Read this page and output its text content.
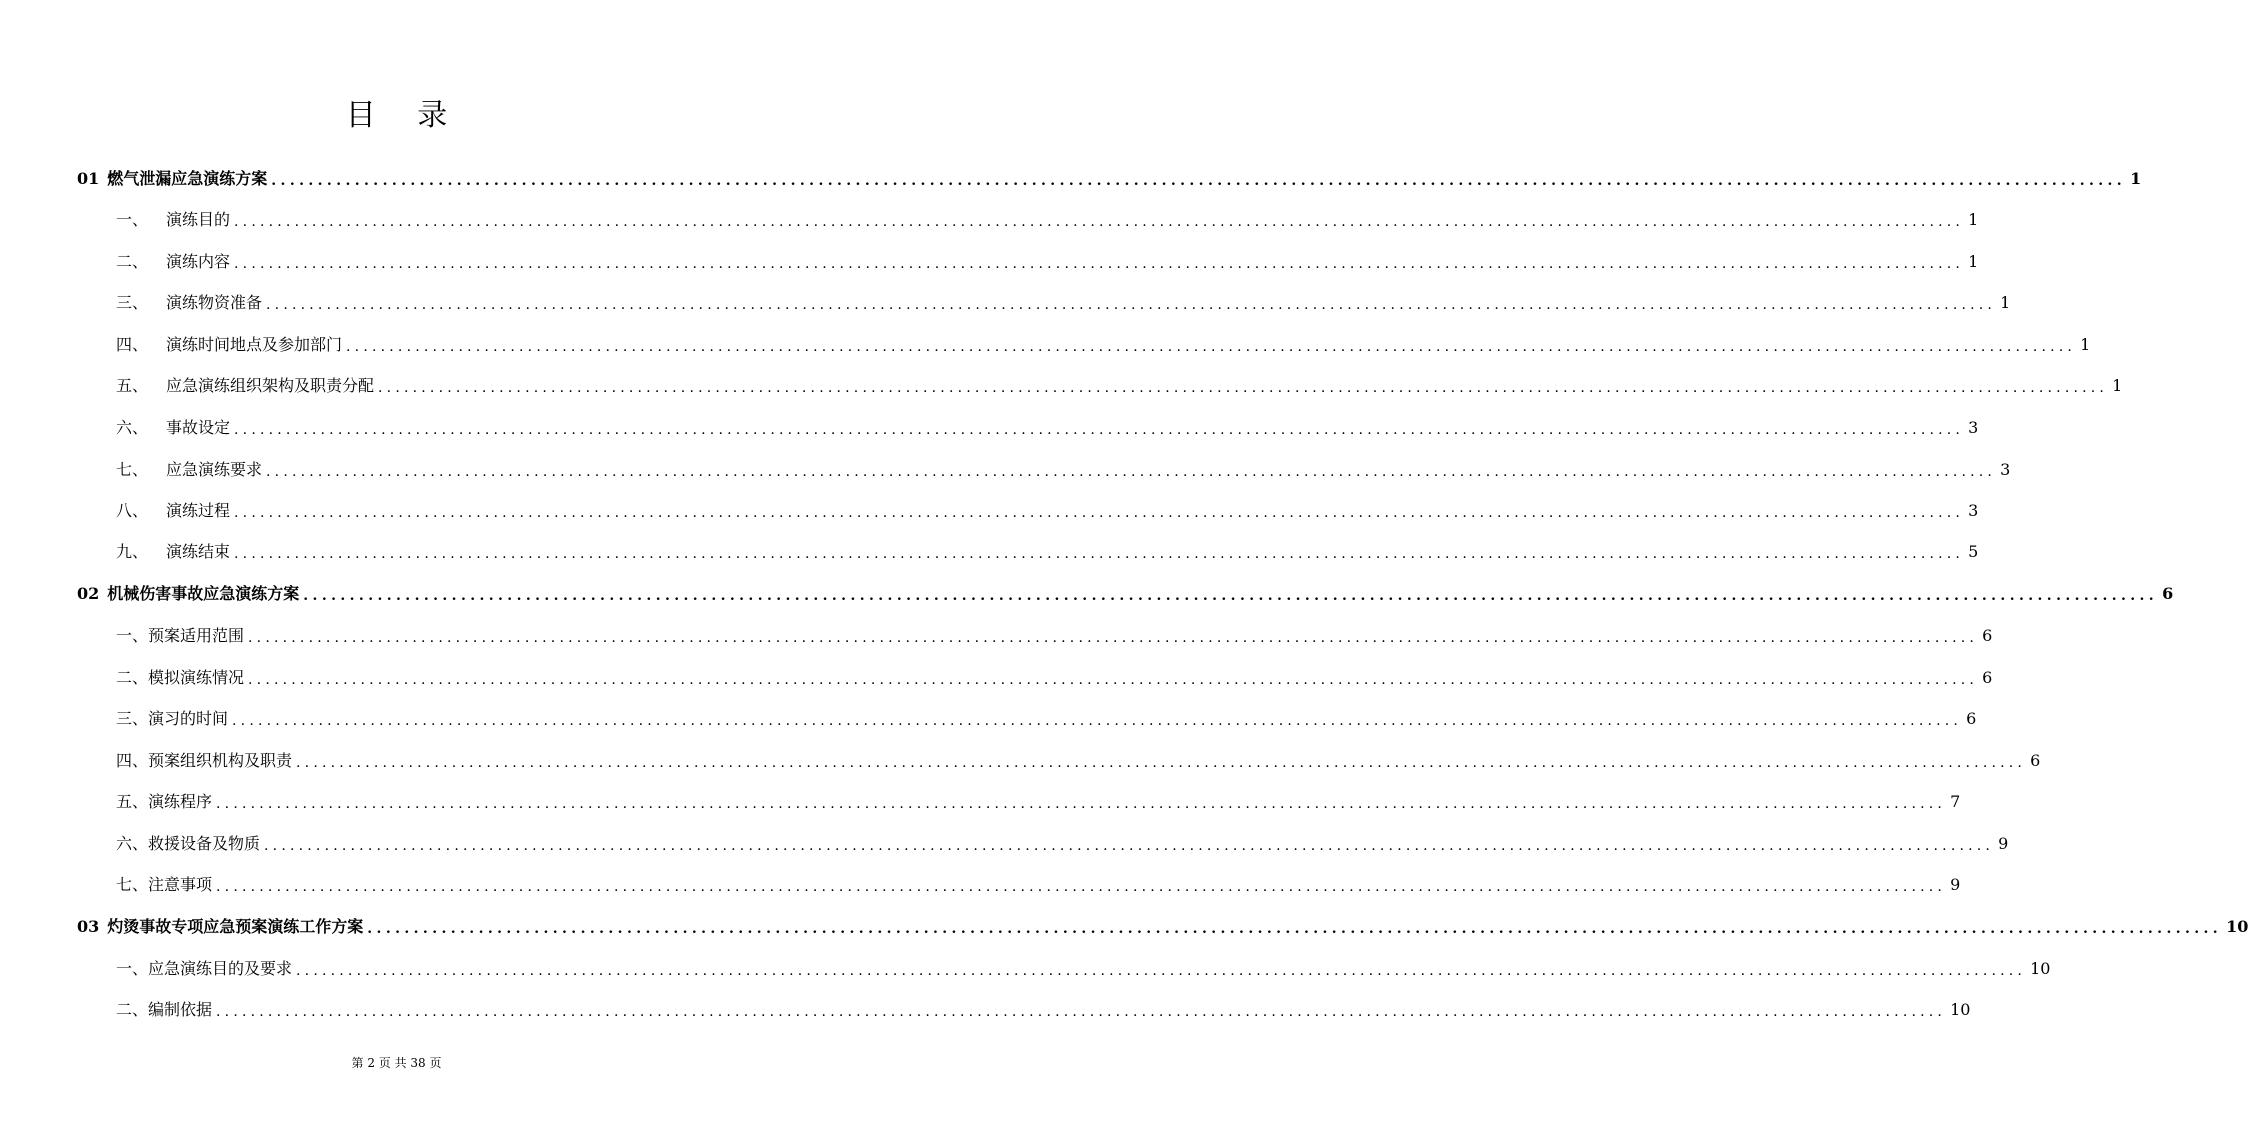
目 录
01 燃气泄漏应急演练方案 ........................................................................................................................................................................................................ 1
一、 演练目的 ........................................................................................................................................................................................................ 1
二、 演练内容 ........................................................................................................................................................................................................ 1
三、 演练物资准备 ........................................................................................................................................................................................................ 1
四、 演练时间地点及参加部门 ........................................................................................................................................................................................................ 1
五、 应急演练组织架构及职责分配 ........................................................................................................................................................................................................ 1
六、 事故设定 ........................................................................................................................................................................................................ 3
七、 应急演练要求 ........................................................................................................................................................................................................ 3
八、 演练过程 ........................................................................................................................................................................................................ 3
九、 演练结束 ........................................................................................................................................................................................................ 5
02 机械伤害事故应急演练方案 ........................................................................................................................................................................................................ 6
一、预案适用范围 ........................................................................................................................................................................................................ 6
二、模拟演练情况 ........................................................................................................................................................................................................ 6
三、演习的时间 ........................................................................................................................................................................................................ 6
四、预案组织机构及职责 ........................................................................................................................................................................................................ 6
五、演练程序 ........................................................................................................................................................................................................ 7
六、救援设备及物质 ........................................................................................................................................................................................................ 9
七、注意事项 ........................................................................................................................................................................................................ 9
03 灼烫事故专项应急预案演练工作方案 ........................................................................................................................................................................................................ 10
一、应急演练目的及要求 ........................................................................................................................................................................................................ 10
二、编制依据 ........................................................................................................................................................................................................ 10
第 2 页 共 38 页
